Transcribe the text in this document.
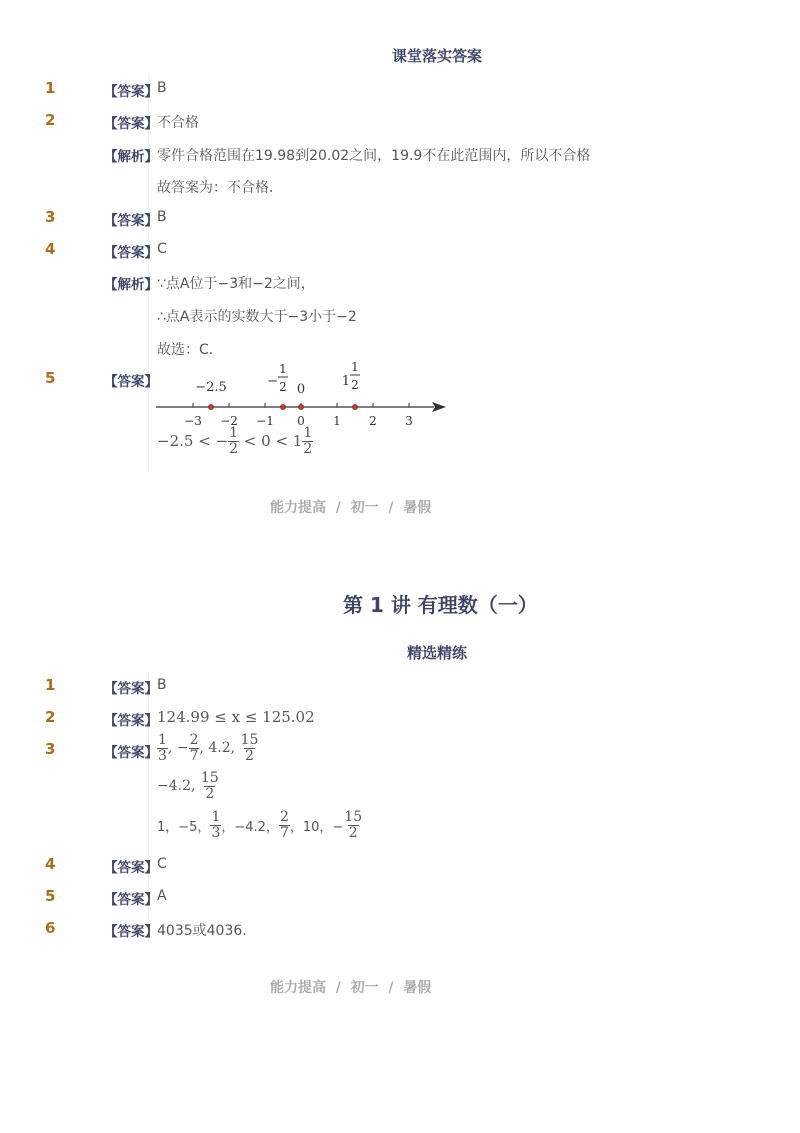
课堂落实答案
1	【答案】 B
2	【答案】 不合格
【解析】 零件合格范围在19.98到20.02之间，19.9不在此范围内，所以不合格
故答案为：不合格．
3	【答案】 B
4	【答案】 C
【解析】 ∵点A位于−3和−2之间，
∴点A表示的实数大于−3小于−2
故选：C．
5	【答案】
−3 −2 −1 0 1 2 3
−2.5	−
1
2 0
1
1
2
−2.5 < − $\frac{1}{2} < 0 < 1 \frac{1}{2}$
能力提高  /  初一  /  暑假
第 1 讲 有理数（一）
精选精练
1	【答案】 B
2	【答案】 124.99 ≤ x ≤ 125.02
3	【答案】 $\frac{1}{3}$ , − $\frac{2}{7}$ , 4.2, $\frac{15}{2}$
−4.2, $\frac{15}{2}$
1，−5， $\frac{1}{3}$ ，−4.2， $\frac{2}{7}$ ，10，− $\frac{15}{2}$
4	【答案】 C
5	【答案】 A
6	【答案】 4035或4036．
能力提高  /  初一  /  暑假
